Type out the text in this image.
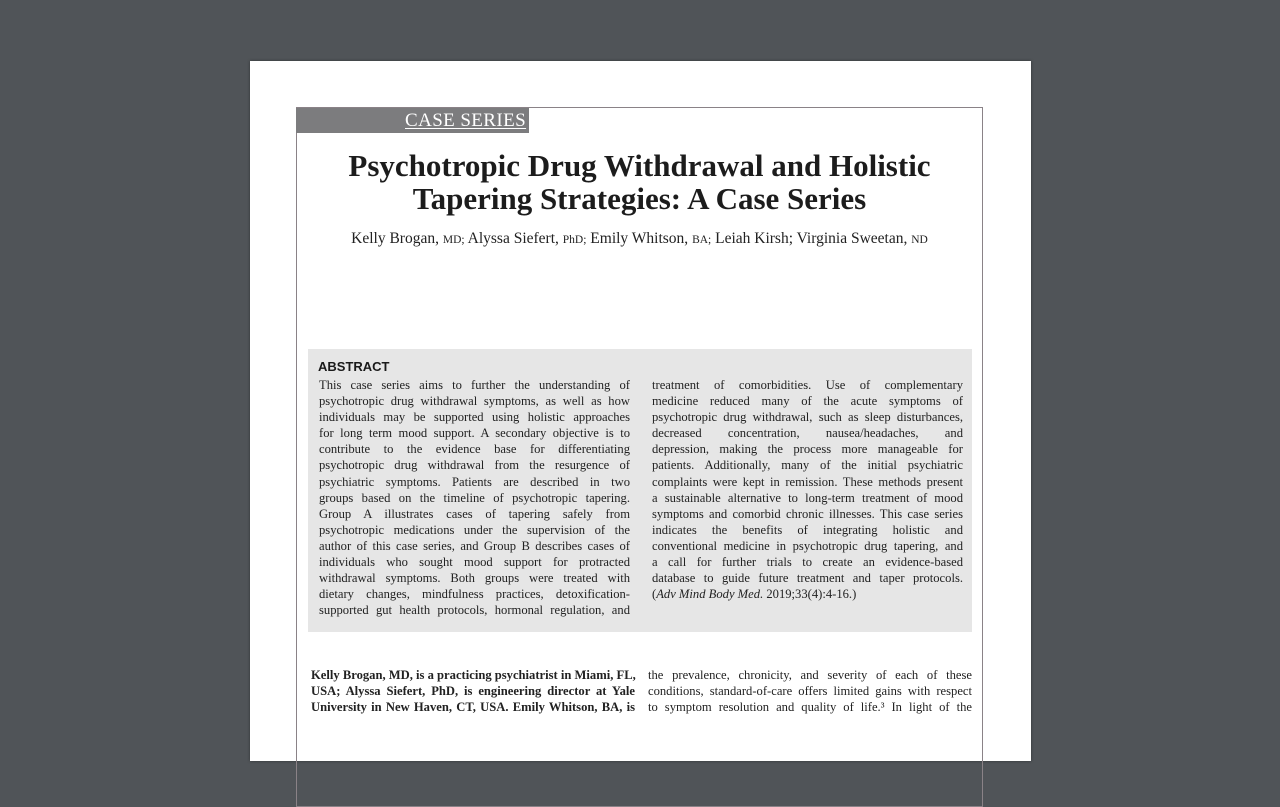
CASE SERIES
Psychotropic Drug Withdrawal and Holistic
Tapering Strategies: A Case Series
Kelly Brogan, MD; Alyssa Siefert, PhD; Emily Whitson, BA; Leiah Kirsh; Virginia Sweetan, ND
ABSTRACT

This case series aims to further the understanding of
psychotropic drug withdrawal symptoms, as well as how
individuals may be supported using holistic approaches
for long term mood support. A secondary objective is to
contribute to the evidence base for differentiating
psychotropic drug withdrawal from the resurgence of
psychiatric symptoms. Patients are described in two
groups based on the timeline of psychotropic tapering.
Group A illustrates cases of tapering safely from
psychotropic medications under the supervision of the
author of this case series, and Group B describes cases of
individuals who sought mood support for protracted
withdrawal symptoms. Both groups were treated with
dietary changes, mindfulness practices, detoxification-
supported gut health protocols, hormonal regulation, and

treatment of comorbidities. Use of complementary
medicine reduced many of the acute symptoms of
psychotropic drug withdrawal, such as sleep disturbances,
decreased concentration, nausea/headaches, and
depression, making the process more manageable for
patients. Additionally, many of the initial psychiatric
complaints were kept in remission. These methods present
a sustainable alternative to long-term treatment of mood
symptoms and comorbid chronic illnesses. This case series
indicates the benefits of integrating holistic and
conventional medicine in psychotropic drug tapering, and
a call for further trials to create an evidence-based
database to guide future treatment and taper protocols.
(Adv Mind Body Med. 2019;33(4):4-16.)

Kelly Brogan, MD, is a practicing psychiatrist in Miami, FL,
USA; Alyssa Siefert, PhD, is engineering director at Yale
University in New Haven, CT, USA. Emily Whitson, BA, is

the prevalence, chronicity, and severity of each of these
conditions, standard-of-care offers limited gains with respect
to symptom resolution and quality of life.³ In light of the
